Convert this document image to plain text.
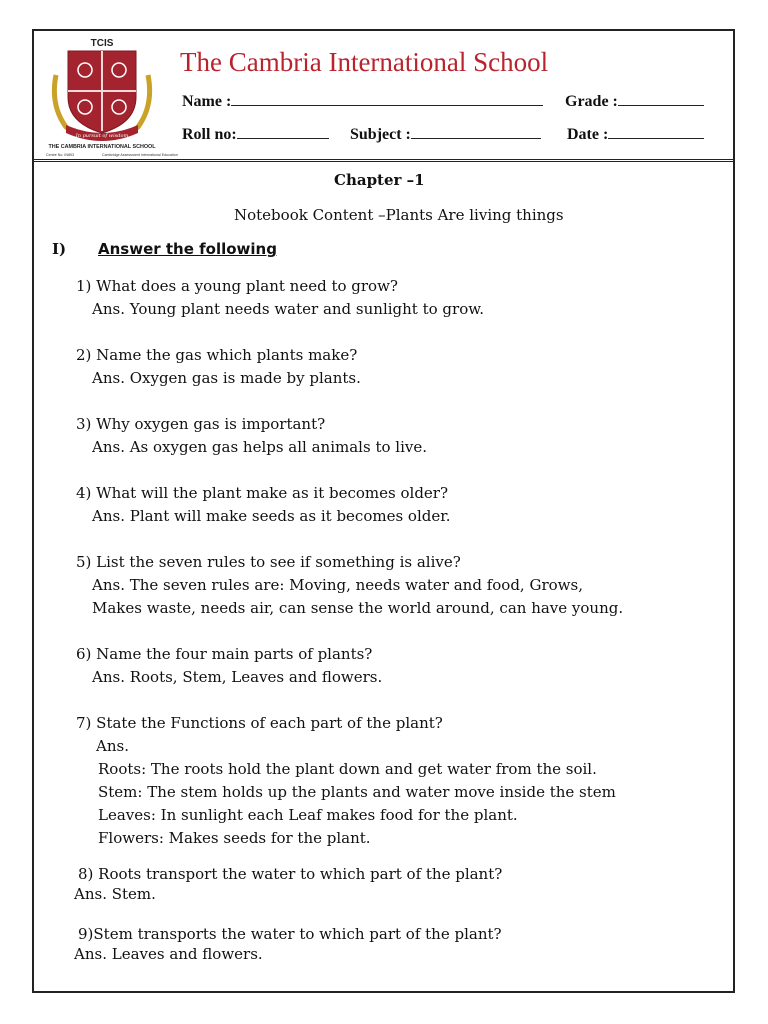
TCIS
In pursuit of wisdom
THE CAMBRIA INTERNATIONAL SCHOOL
Centre No. IN853	Cambridge Assessment International Education
The Cambria International School
Name :	Grade :
Roll no:	Subject :	Date :
Chapter –1
Notebook Content –Plants Are living things
I) Answer the following
1) What does a young plant need to grow?
Ans. Young plant needs water and sunlight to grow.
2) Name the gas which plants make?
Ans. Oxygen gas is made by plants.
3) Why oxygen gas is important?
Ans. As oxygen gas helps all animals to live.
4) What will the plant make as it becomes older?
Ans. Plant will make seeds as it becomes older.
5) List the seven rules to see if something is alive?
Ans. The seven rules are: Moving, needs water and food, Grows,
Makes waste, needs air, can sense the world around, can have young.
6) Name the four main parts of plants?
Ans. Roots, Stem, Leaves and flowers.
7) State the Functions of each part of the plant?
Ans.
Roots: The roots hold the plant down and get water from the soil.
Stem: The stem holds up the plants and water move inside the stem
Leaves: In sunlight each Leaf makes food for the plant.
Flowers: Makes seeds for the plant.
8) Roots transport the water to which part of the plant?
Ans. Stem.
9)Stem transports the water to which part of the plant?
Ans. Leaves and flowers.
